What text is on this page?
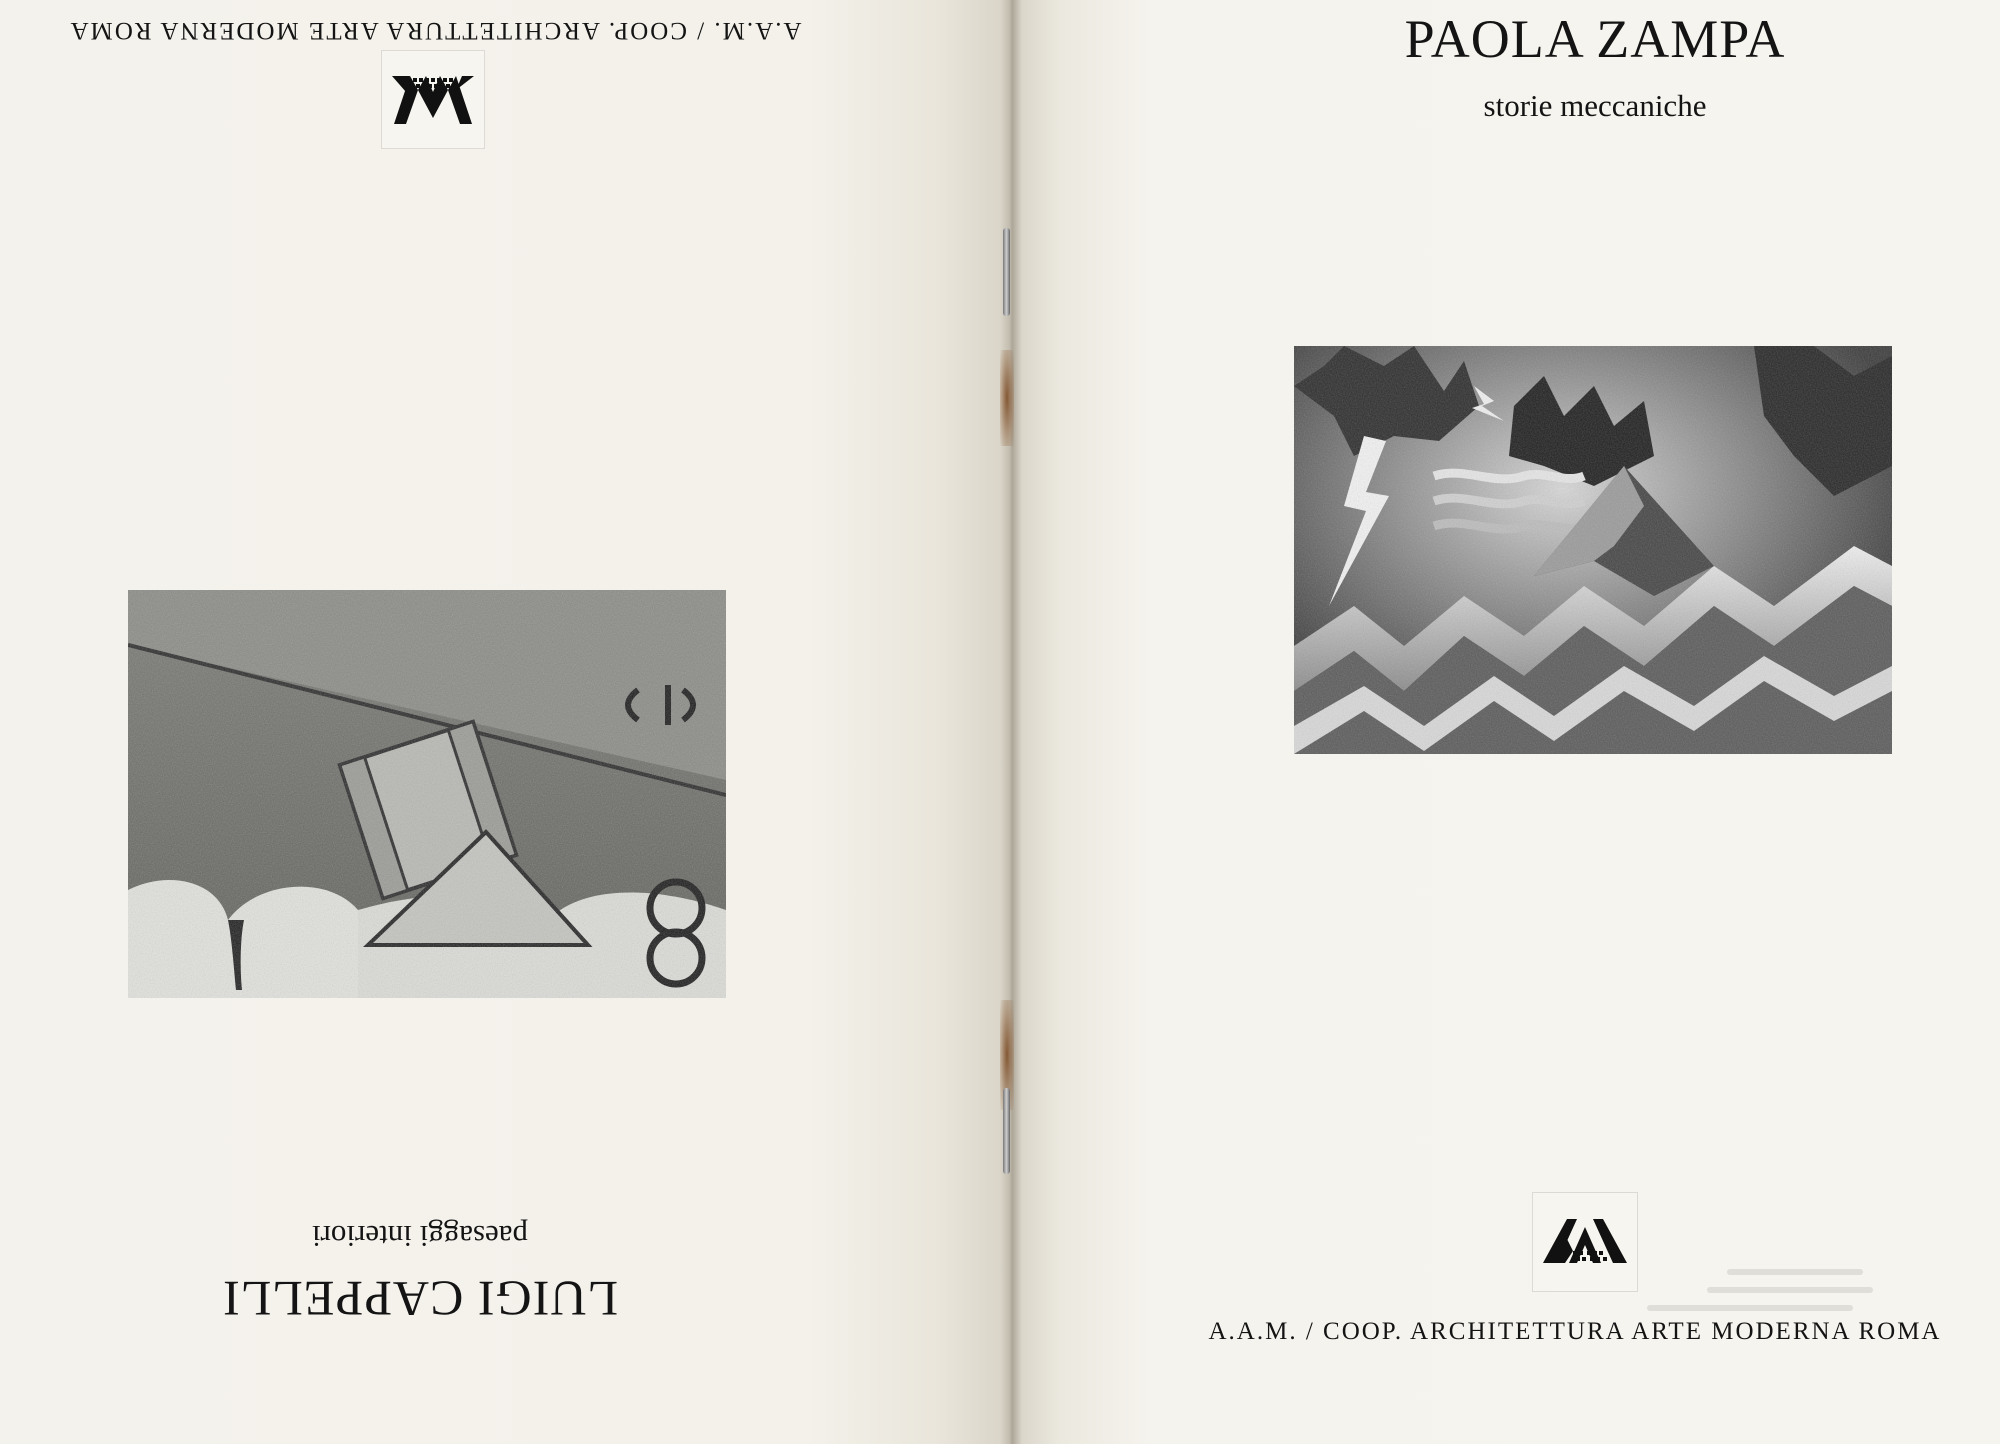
A.A.M. / COOP. ARCHITETTURA ARTE MODERNA ROMA
paesaggi interiori
LUIGI CAPPELLI
PAOLA ZAMPA
storie meccaniche
A.A.M. / COOP. ARCHITETTURA ARTE MODERNA ROMA
